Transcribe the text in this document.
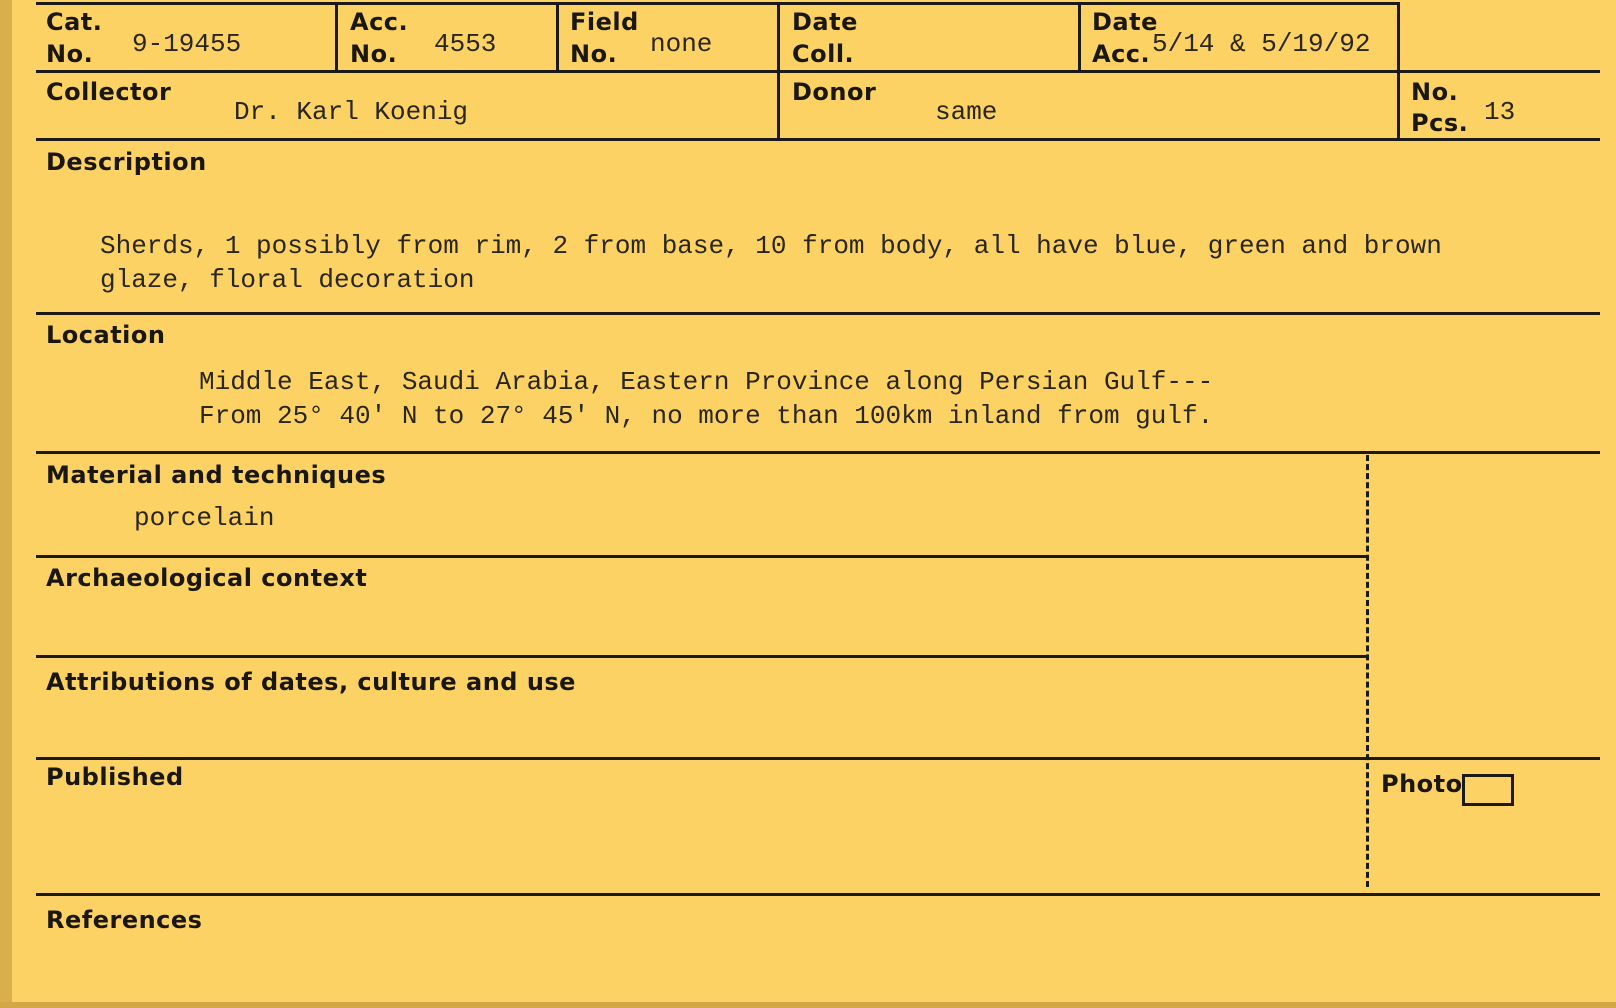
Cat.
No. 9-19455
Acc.
No. 4553
Field
No. none
Date
Coll.
Date
Acc. 5/14 & 5/19/92
Collector
Dr. Karl Koenig
Donor
same
No.
Pcs. 13
Description
Sherds, 1 possibly from rim, 2 from base, 10 from body, all have blue, green and brown
glaze, floral decoration
Location
Middle East, Saudi Arabia, Eastern Province along Persian Gulf---
From 25° 40' N to 27° 45' N, no more than 100km inland from gulf.
Material and techniques
porcelain
Archaeological context
Attributions of dates, culture and use
Published	Photo
References
